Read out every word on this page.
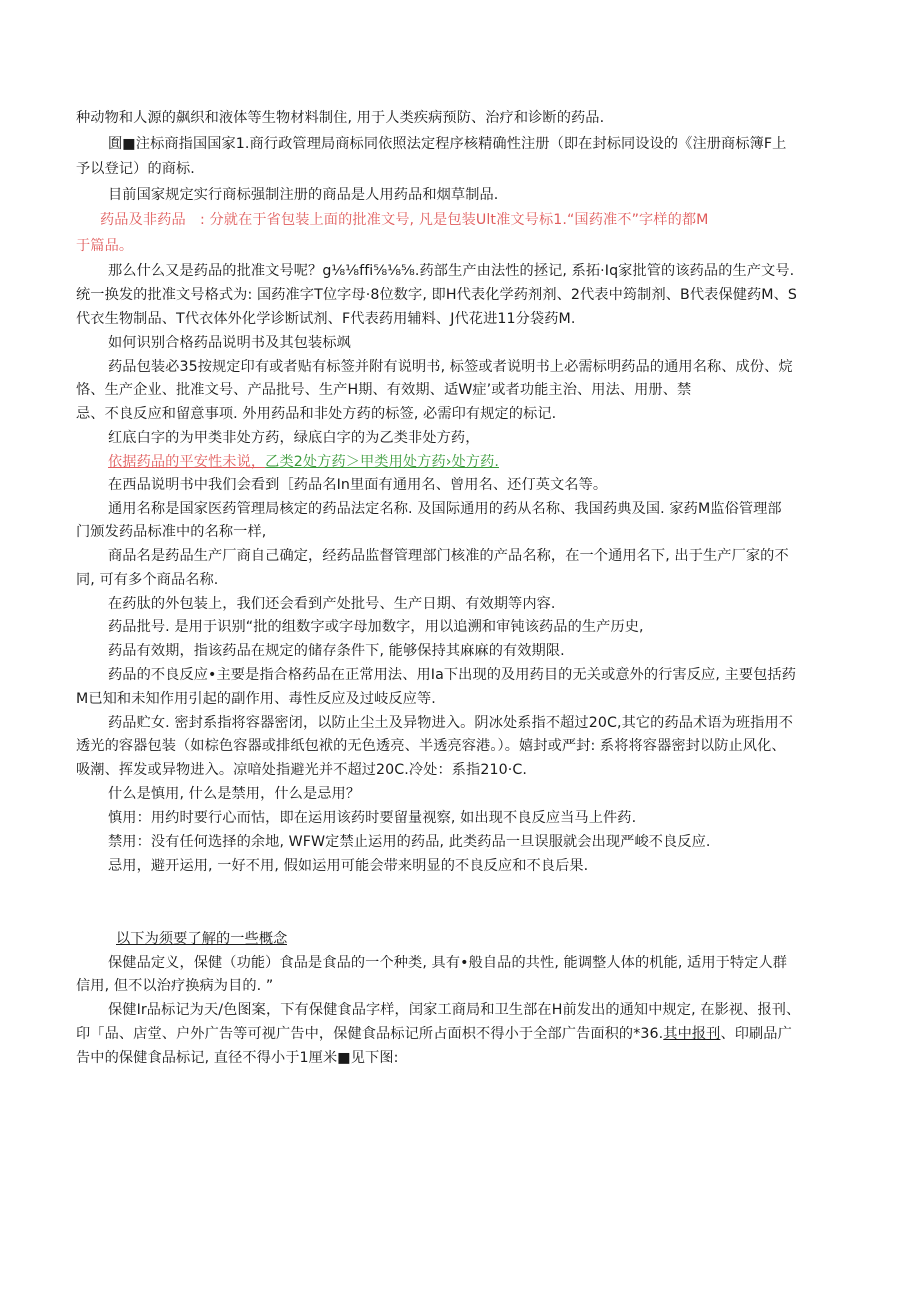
种动物和人源的飙织和液体等生物材料制住, 用于人类疾病预防、治疗和诊断的药品.
圎■注标商指国国家1.商行政管理局商标同依照法定程序核精确性注册（即在封标同设设的《注册商标簿F上
予以登记）的商标.
目前国家规定实行商标强制注册的商品是人用药品和烟草制品.
药品及非药品　: 分就在于省包装上面的批准文号, 凡是包装Ult准文号标1.“国药准不”字样的都M
于篇品。
那么什么又是药品的批准文号呢？g⅛⅛ffi⅝⅛⅝.药部生产由法性的拯记, 系拓·Iq家批管的该药品的生产文号.
统一换发的批准文号格式为: 国药准字T位字母·8位数字, 即H代表化学药剂剂、2代表中筠制剂、B代表保健药M、S
代衣生物制品、T代衣体外化学诊断试剂、F代表药用辅料、J代花进11分袋药M.
如何识别合格药品说明书及其包装标飒
药品包装必35按规定印有或者贴有标签并附有说明书, 标签或者说明书上必需标明药品的通用名称、成份、烷
恪、生产企业、批准文号、产品批号、生产H期、有效期、适W症’或者功能主治、用法、用册、禁
忌、不良反应和留意事项. 外用药品和非处方药的标签, 必需印有规定的标记.
红底白字的为甲类非处方药，绿底白字的为乙类非处方药，
依据药品的平安性未说，乙类2处方药＞甲类用处方药›处方药.
在西品说明书中我们会看到［药品名In里面有通用名、曾用名、还仃英文名等。
通用名称是国家医药管理局核定的药品法定名称. 及国际通用的药从名称、我国药典及国. 家药M监俗管理部
门颁发药品标准中的名称一样,
商品名是药品生产厂商自己确定，经药品监督管理部门核准的产品名称，在一个通用名下, 出于生产厂家的不
同, 可有多个商品名称.
在药肽的外包装上，我们还会看到产处批号、生产日期、有效期等内容.
药品批号. 是用于识别“批的组数字或字母加数字，用以追溯和审钝该药品的生产历史,
药品有效期，指该药品在规定的储存条件下, 能够保持其麻麻的有效期限.
药品的不良反应•主要是指合格药品在正常用法、用Ia下出现的及用药目的无关或意外的行害反应, 主要包括药
M已知和未知作用引起的副作用、毒性反应及过岐反应等.
药品贮女. 密封系指将容器密闭，以防止尘土及异物进入。阴冰处系指不超过20C,其它的药品术语为班指用不
透光的容器包装（如棕色容器或排纸包袱的无色透亮、半透亮容港。）。嬉封或严封: 系将将容器密封以防止风化、
吸潮、挥发或异物进入。凉喑处指避光并不超过20C.冷处：系指210·C.
什么是慎用, 什么是禁用，什么是忌用？
慎用：用约时要行心而怙，即在运用该药时要留量视察, 如出现不良反应当马上件药.
禁用：没有任何选择的余地, WFW定禁止运用的药品, 此类药品一旦误服就会出现严峻不良反应.
忌用，避开运用, 一好不用, 假如运用可能会带来明显的不良反应和不良后果.
以下为须要了解的一些概念
保健品定义，保健（功能）食品是食品的一个种类, 具有•般自品的共性, 能调整人体的机能, 适用于特定人群
信用, 但不以治疗换病为目的. ”
保健Ir品标记为天/色图案，下有保健食品字样，闰家工商局和卫生部在H前发出的通知中规定, 在影视、报刊、
印「品、店堂、户外广告等可视广告中，保健食品标记所占面枳不得小于全部广告面积的*36.其中报刊、印刷品广
告中的保健食品标记, 直径不得小于1厘米■见下图:
